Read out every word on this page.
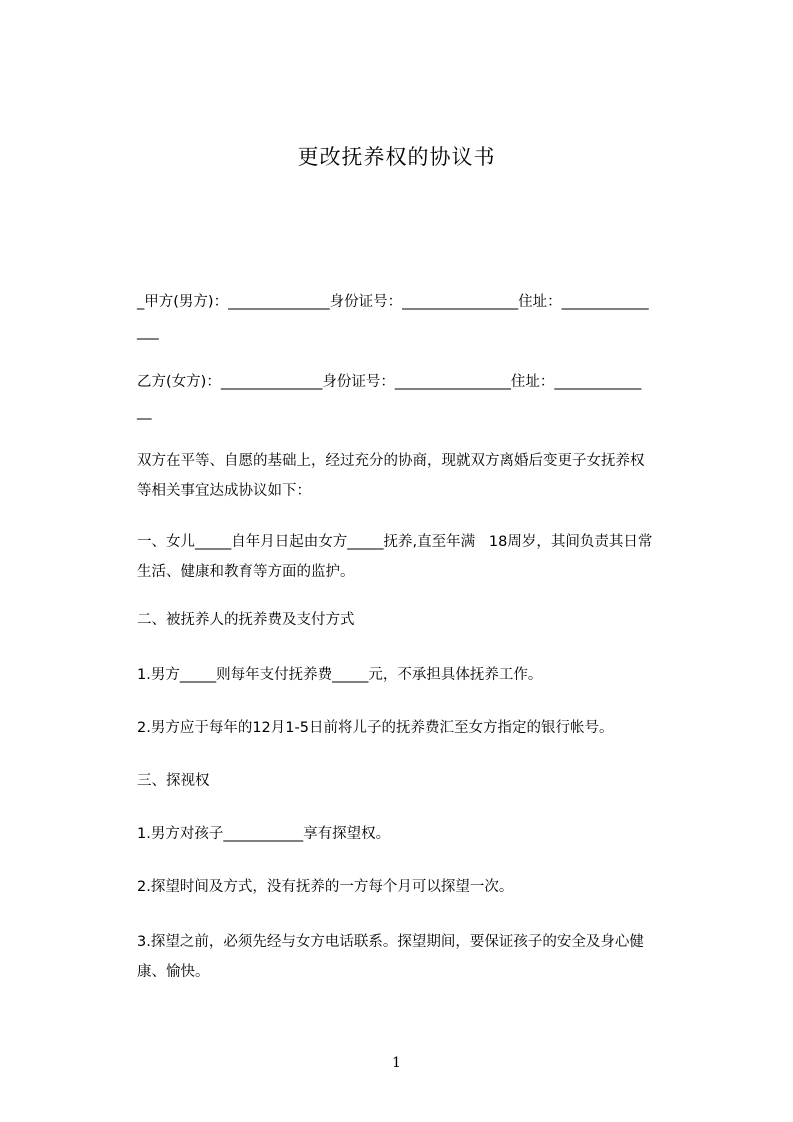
更改抚养权的协议书
_甲方(男方)：______________身份证号：________________住址：____________
___
乙方(女方)：______________身份证号：________________住址：____________
__
双方在平等、自愿的基础上，经过充分的协商，现就双方离婚后变更子女抚养权
等相关事宜达成协议如下：
一、女儿_____自年月日起由女方_____抚养,直至年满   18周岁，其间负责其日常
生活、健康和教育等方面的监护。
二、被抚养人的抚养费及支付方式
1.男方_____则每年支付抚养费_____元，不承担具体抚养工作。
2.男方应于每年的12月1-5日前将儿子的抚养费汇至女方指定的银行帐号。
三、探视权
1.男方对孩子___________享有探望权。
2.探望时间及方式，没有抚养的一方每个月可以探望一次。
3.探望之前，必须先经与女方电话联系。探望期间，要保证孩子的安全及身心健
康、愉快。
1
